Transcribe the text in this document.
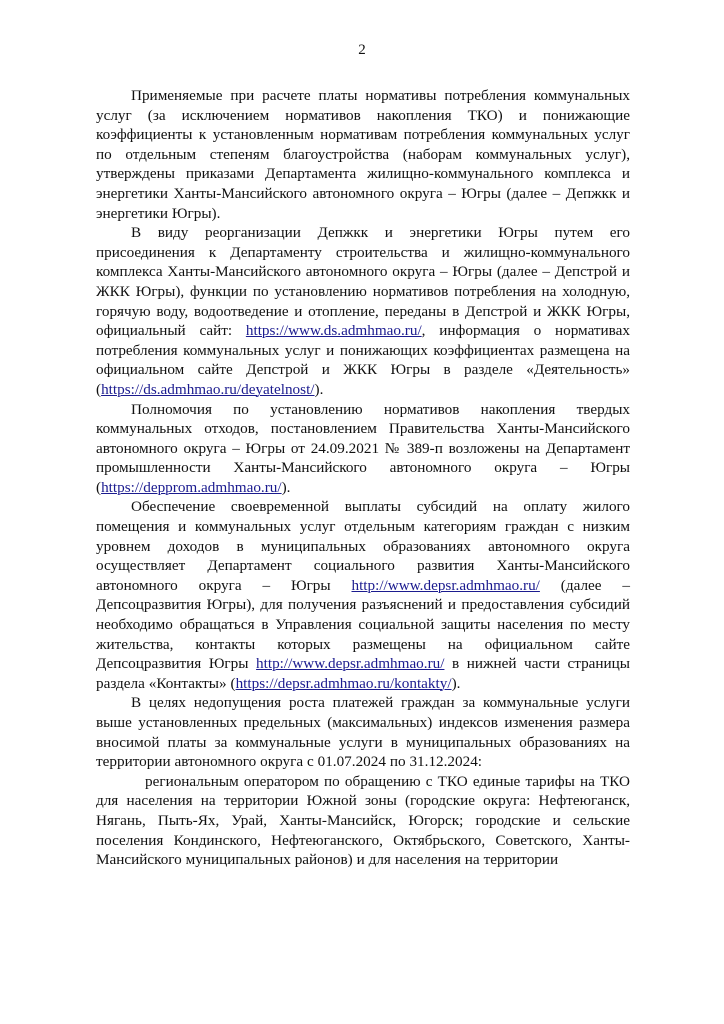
2

Применяемые при расчете платы нормативы потребления коммунальных услуг (за исключением нормативов накопления ТКО) и понижающие коэффициенты к установленным нормативам потребления коммунальных услуг по отдельным степеням благоустройства (наборам коммунальных услуг), утверждены приказами Департамента жилищно-коммунального комплекса и энергетики Ханты-Мансийского автономного округа – Югры (далее – Депжкк и энергетики Югры).

В виду реорганизации Депжкк и энергетики Югры путем его присоединения к Департаменту строительства и жилищно-коммунального комплекса Ханты-Мансийского автономного округа – Югры (далее – Депстрой и ЖКК Югры), функции по установлению нормативов потребления на холодную, горячую воду, водоотведение и отопление, переданы в Депстрой и ЖКК Югры, официальный сайт: https://www.ds.admhmao.ru/, информация о нормативах потребления коммунальных услуг и понижающих коэффициентах размещена на официальном сайте Депстрой и ЖКК Югры в разделе «Деятельность» (https://ds.admhmao.ru/deyatelnost/).

Полномочия по установлению нормативов накопления твердых коммунальных отходов, постановлением Правительства Ханты-Мансийского автономного округа – Югры от 24.09.2021 № 389-п возложены на Департамент промышленности Ханты-Мансийского автономного округа – Югры (https://depprom.admhmao.ru/).

Обеспечение своевременной выплаты субсидий на оплату жилого помещения и коммунальных услуг отдельным категориям граждан с низким уровнем доходов в муниципальных образованиях автономного округа осуществляет Департамент социального развития Ханты-Мансийского автономного округа – Югры http://www.depsr.admhmao.ru/ (далее – Депсоцразвития Югры), для получения разъяснений и предоставления субсидий необходимо обращаться в Управления социальной защиты населения по месту жительства, контакты которых размещены на официальном сайте Депсоцразвития Югры http://www.depsr.admhmao.ru/ в нижней части страницы раздела «Контакты» (https://depsr.admhmao.ru/kontakty/).

В целях недопущения роста платежей граждан за коммунальные услуги выше установленных предельных (максимальных) индексов изменения размера вносимой платы за коммунальные услуги в муниципальных образованиях на территории автономного округа с 01.07.2024 по 31.12.2024:

региональным оператором по обращению с ТКО единые тарифы на ТКО для населения на территории Южной зоны (городские округа: Нефтеюганск, Нягань, Пыть-Ях, Урай, Ханты-Мансийск, Югорск; городские и сельские поселения Кондинского, Нефтеюганского, Октябрьского, Советского, Ханты-Мансийского муниципальных районов) и для населения на территории
